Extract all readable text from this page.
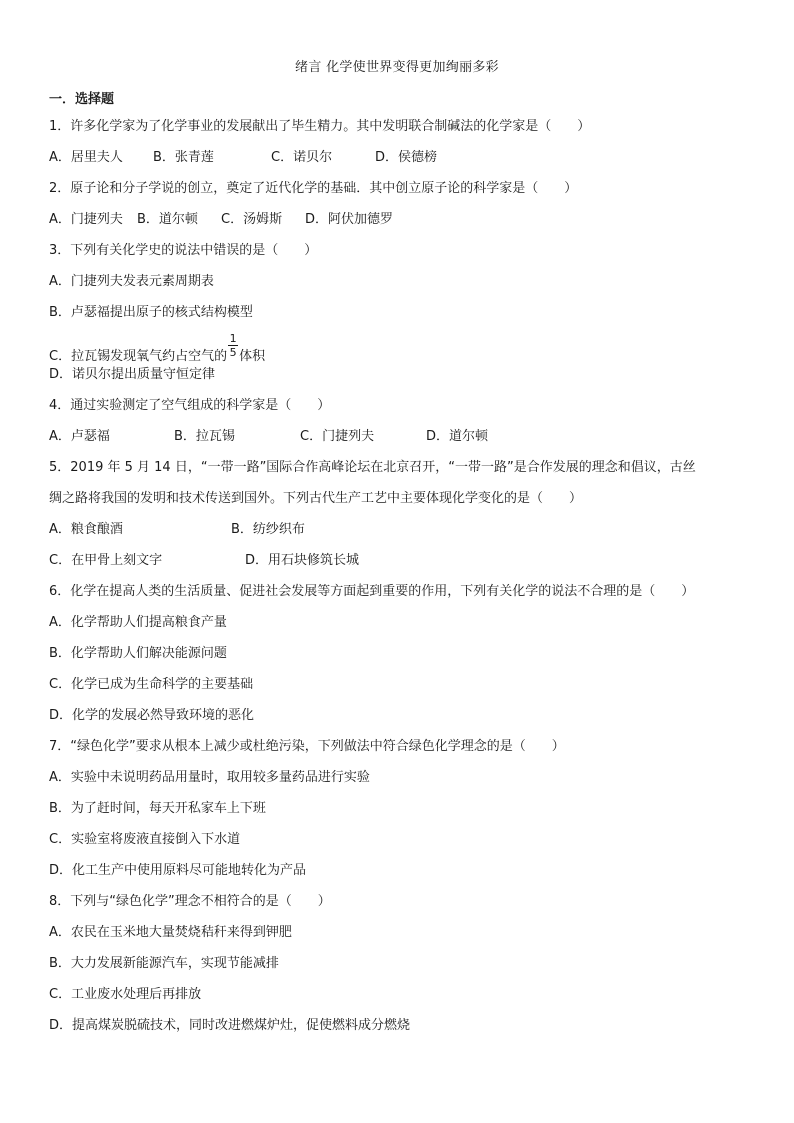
绪言 化学使世界变得更加绚丽多彩
一．选择题
1．许多化学家为了化学事业的发展献出了毕生精力。其中发明联合制碱法的化学家是（　　）
A．居里夫人 B．张青莲	C．诺贝尔	D．侯德榜
2．原子论和分子学说的创立，奠定了近代化学的基础．其中创立原子论的科学家是（　　）
A．门捷列夫 B．道尔顿 C．汤姆斯 D．阿伏加德罗
3．下列有关化学史的说法中错误的是（　　）
A．门捷列夫发表元素周期表
B．卢瑟福提出原子的核式结构模型
C．拉瓦锡发现氧气约占空气的 $\frac{1}{5}$ 体积
D．诺贝尔提出质量守恒定律
4．通过实验测定了空气组成的科学家是（　　）
A．卢瑟福	B．拉瓦锡	C．门捷列夫	D．道尔顿
5．2019 年 5 月 14 日，“一带一路”国际合作高峰论坛在北京召开，“一带一路”是合作发展的理念和倡议，古丝
绸之路将我国的发明和技术传送到国外。下列古代生产工艺中主要体现化学变化的是（　　）
A．粮食酿酒	B．纺纱织布
C．在甲骨上刻文字	D．用石块修筑长城
6．化学在提高人类的生活质量、促进社会发展等方面起到重要的作用，下列有关化学的说法不合理的是（　　）
A．化学帮助人们提高粮食产量
B．化学帮助人们解决能源问题
C．化学已成为生命科学的主要基础
D．化学的发展必然导致环境的恶化
7．“绿色化学”要求从根本上减少或杜绝污染，下列做法中符合绿色化学理念的是（　　）
A．实验中未说明药品用量时，取用较多量药品进行实验
B．为了赶时间，每天开私家车上下班
C．实验室将废液直接倒入下水道
D．化工生产中使用原料尽可能地转化为产品
8．下列与“绿色化学”理念不相符合的是（　　）
A．农民在玉米地大量焚烧秸秆来得到钾肥
B．大力发展新能源汽车，实现节能减排
C．工业废水处理后再排放
D．提高煤炭脱硫技术，同时改进燃煤炉灶，促使燃料成分燃烧
